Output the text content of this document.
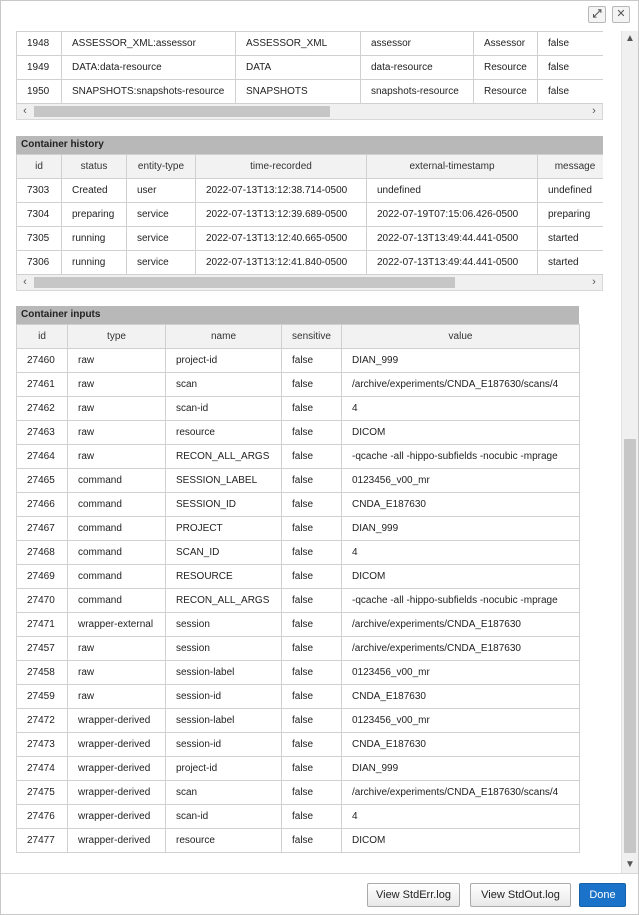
⤢	✕
1948	ASSESSOR_XML:assessor	ASSESSOR_XML	assessor	Assessor	false
1949	DATA:data-resource	DATA	data-resource	Resource	false
1950	SNAPSHOTS:snapshots-resource	SNAPSHOTS	snapshots-resource	Resource	false
‹	›
Container history
id	status	entity-type	time-recorded	external-timestamp	message
7303	Created	user	2022-07-13T13:12:38.714-0500	undefined	undefined
7304	preparing	service	2022-07-13T13:12:39.689-0500	2022-07-19T07:15:06.426-0500	preparing
7305	running	service	2022-07-13T13:12:40.665-0500	2022-07-13T13:49:44.441-0500	started
7306	running	service	2022-07-13T13:12:41.840-0500	2022-07-13T13:49:44.441-0500	started
‹	›
Container inputs
id	type	name	sensitive	value
27460	raw	project-id	false	DIAN_999
27461	raw	scan	false	/archive/experiments/CNDA_E187630/scans/4
27462	raw	scan-id	false	4
27463	raw	resource	false	DICOM
27464	raw	RECON_ALL_ARGS	false	-qcache -all -hippo-subfields -nocubic -mprage
27465	command	SESSION_LABEL	false	0123456_v00_mr
27466	command	SESSION_ID	false	CNDA_E187630
27467	command	PROJECT	false	DIAN_999
27468	command	SCAN_ID	false	4
27469	command	RESOURCE	false	DICOM
27470	command	RECON_ALL_ARGS	false	-qcache -all -hippo-subfields -nocubic -mprage
27471	wrapper-external	session	false	/archive/experiments/CNDA_E187630
27457	raw	session	false	/archive/experiments/CNDA_E187630
27458	raw	session-label	false	0123456_v00_mr
27459	raw	session-id	false	CNDA_E187630
27472	wrapper-derived	session-label	false	0123456_v00_mr
27473	wrapper-derived	session-id	false	CNDA_E187630
27474	wrapper-derived	project-id	false	DIAN_999
27475	wrapper-derived	scan	false	/archive/experiments/CNDA_E187630/scans/4
27476	wrapper-derived	scan-id	false	4
27477	wrapper-derived	resource	false	DICOM
▲
▼
View StdErr.log	View StdOut.log	Done
